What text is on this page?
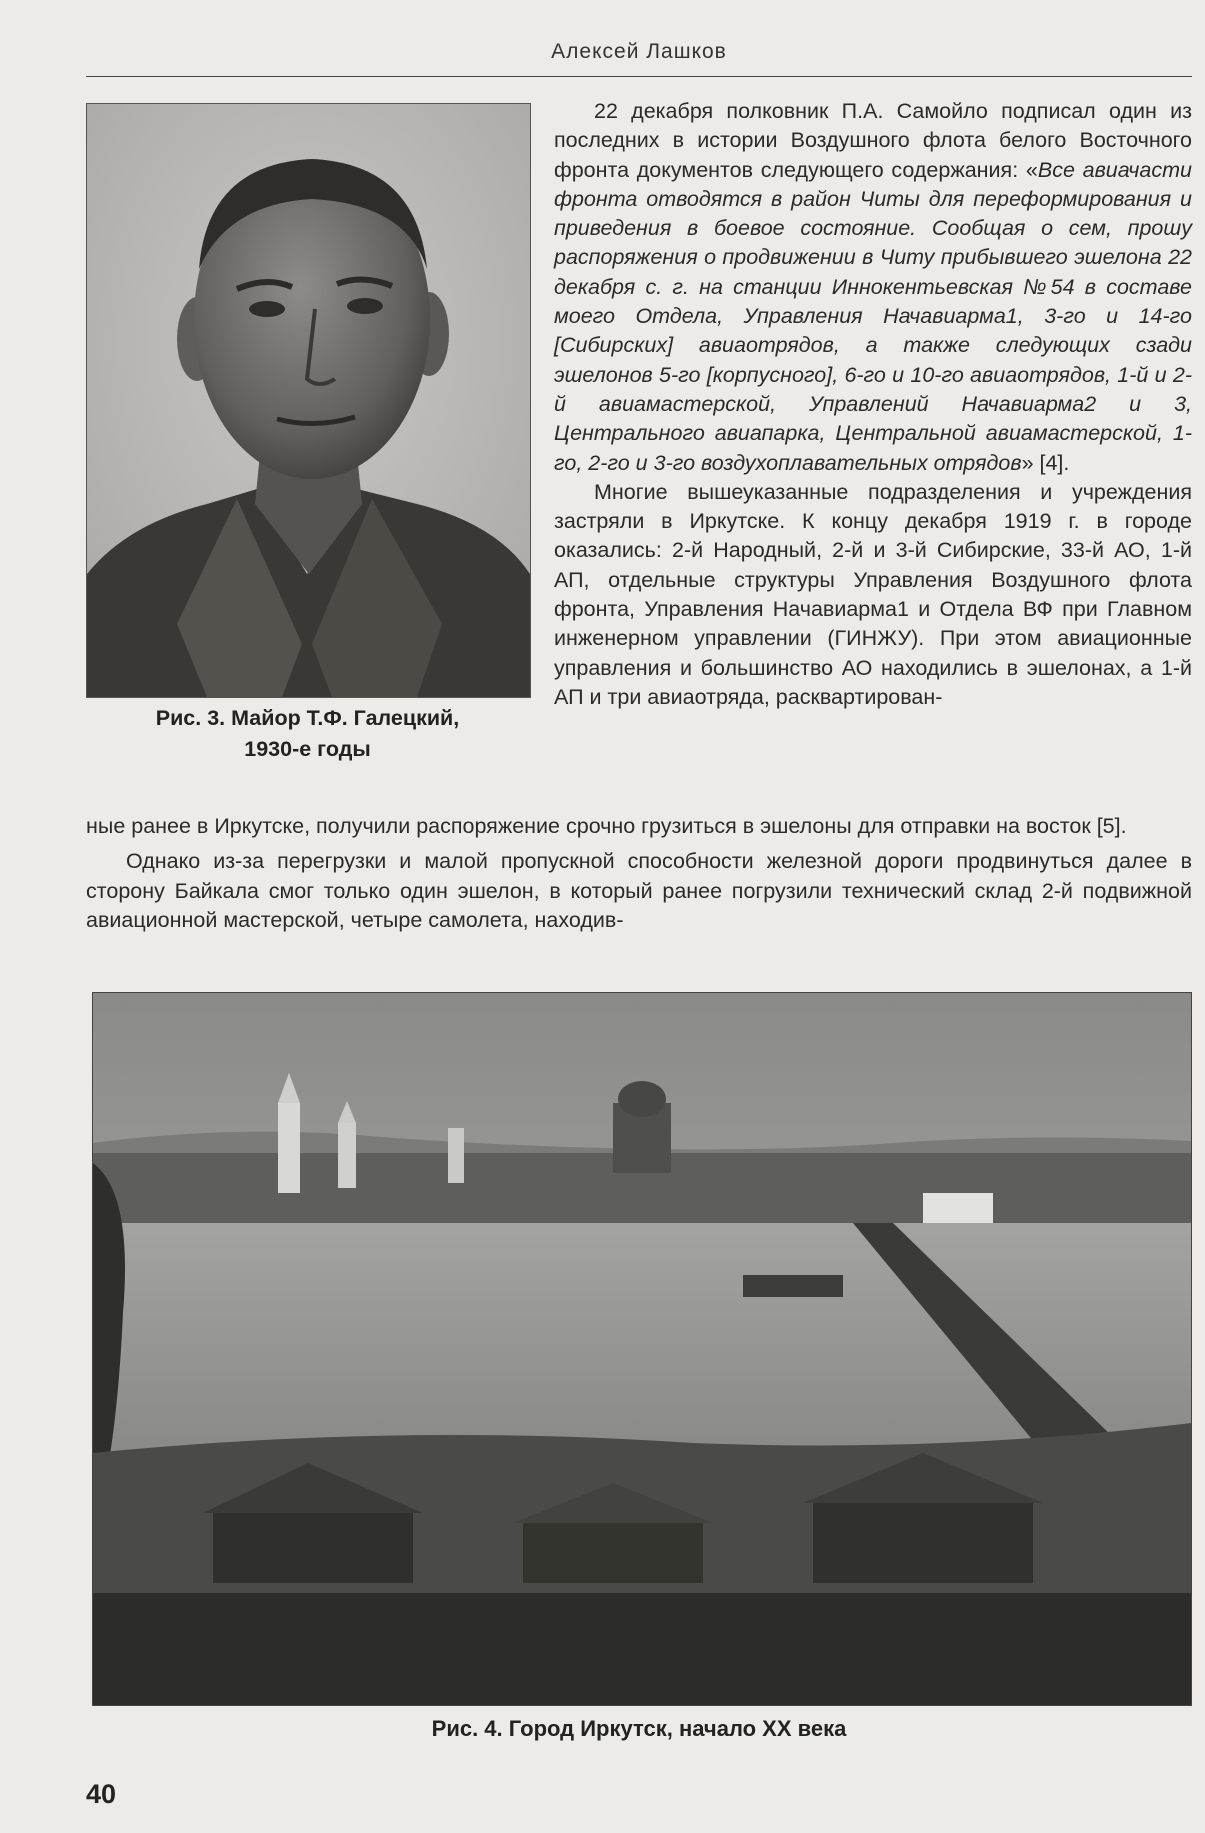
Алексей Лашков
Рис. 3. Майор Т.Ф. Галецкий,
1930-е годы

22 декабря полковник П.А. Самойло подписал один из последних в истории Воздушного флота белого Восточного фронта документов следующего содержания: «Все авиачасти фронта отводятся в район Читы для переформирования и приведения в боевое состояние. Сообщая о сем, прошу распоряжения о продвижении в Читу прибывшего эшелона 22 декабря с. г. на станции Иннокентьевская №54 в составе моего Отдела, Управления Начавиарма1, 3-го и 14-го [Сибирских] авиаотрядов, а также следующих сзади эшелонов 5-го [корпусного], 6-го и 10-го авиаотрядов, 1-й и 2-й авиамастерской, Управлений Начавиарма2 и 3, Центрального авиапарка, Центральной авиамастерской, 1-го, 2-го и 3-го воздухоплавательных отрядов» [4].

Многие вышеуказанные подразделения и учреждения застряли в Иркутске. К концу декабря 1919 г. в городе оказались: 2-й Народный, 2-й и 3-й Сибирские, 33-й АО, 1-й АП, отдельные структуры Управления Воздушного флота фронта, Управления Начавиарма1 и Отдела ВФ при Главном инженерном управлении (ГИНЖУ). При этом авиационные управления и большинство АО находились в эшелонах, а 1-й АП и три авиаотряда, расквартирован-

ные ранее в Иркутске, получили распоряжение срочно грузиться в эшелоны для отправки на восток [5].

Однако из-за перегрузки и малой пропускной способности железной дороги продвинуться далее в сторону Байкала смог только один эшелон, в который ранее погрузили технический склад 2-й подвижной авиационной мастерской, четыре самолета, находив-

Рис. 4. Город Иркутск, начало XX века
40
